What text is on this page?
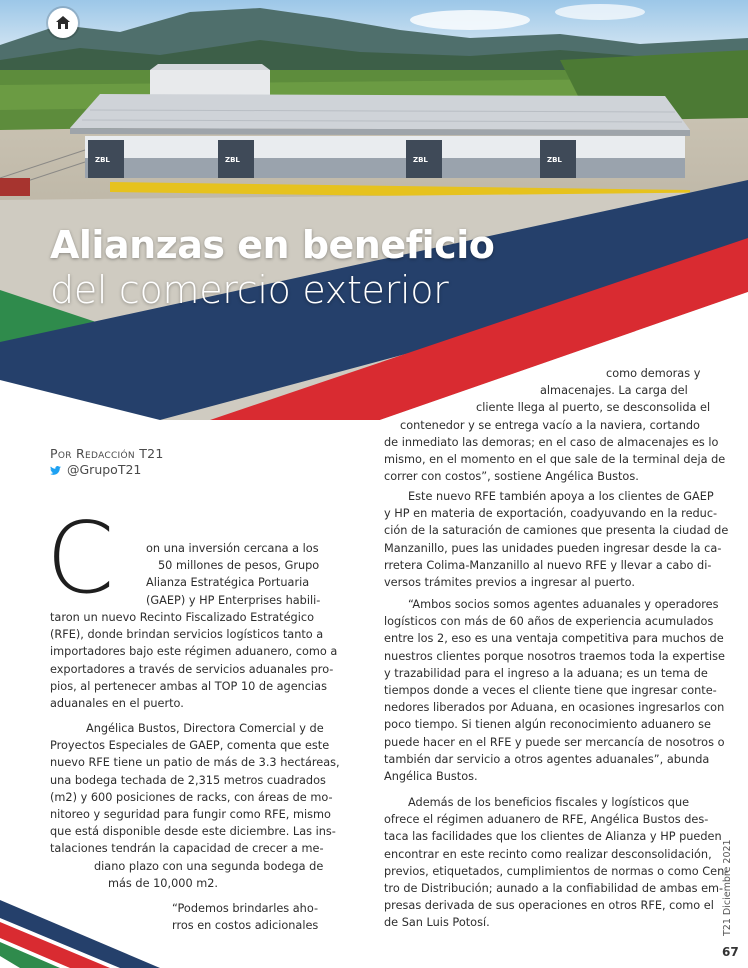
ZBL	ZBL	ZBL	ZBL
Alianzas en beneficio
del comercio exterior
Por Redacción T21
@GrupoT21
C	on una inversión cercana a los
50 millones de pesos, Grupo
Alianza Estratégica Portuaria
(GAEP) y HP Enterprises habili-
taron un nuevo Recinto Fiscalizado Estratégico
(RFE), donde brindan servicios logísticos tanto a
importadores bajo este régimen aduanero, como a
exportadores a través de servicios aduanales pro-
pios, al pertenecer ambas al TOP 10 de agencias
aduanales en el puerto.
Angélica Bustos, Directora Comercial y de
Proyectos Especiales de GAEP, comenta que este
nuevo RFE tiene un patio de más de 3.3 hectáreas,
una bodega techada de 2,315 metros cuadrados
(m2) y 600 posiciones de racks, con áreas de mo-
nitoreo y seguridad para fungir como RFE, mismo
que está disponible desde este diciembre. Las ins-
talaciones tendrán la capacidad de crecer a me-
diano plazo con una segunda bodega de
más de 10,000 m2.
“Podemos brindarles aho-
rros en costos adicionales
como demoras y
almacenajes. La carga del
cliente llega al puerto, se desconsolida el
contenedor y se entrega vacío a la naviera, cortando
de inmediato las demoras; en el caso de almacenajes es lo
mismo, en el momento en el que sale de la terminal deja de
correr con costos”, sostiene Angélica Bustos.
Este nuevo RFE también apoya a los clientes de GAEP
y HP en materia de exportación, coadyuvando en la reduc-
ción de la saturación de camiones que presenta la ciudad de
Manzanillo, pues las unidades pueden ingresar desde la ca-
rretera Colima-Manzanillo al nuevo RFE y llevar a cabo di-
versos trámites previos a ingresar al puerto.
“Ambos socios somos agentes aduanales y operadores
logísticos con más de 60 años de experiencia acumulados
entre los 2, eso es una ventaja competitiva para muchos de
nuestros clientes porque nosotros traemos toda la expertise
y trazabilidad para el ingreso a la aduana; es un tema de
tiempos donde a veces el cliente tiene que ingresar conte-
nedores liberados por Aduana, en ocasiones ingresarlos con
poco tiempo. Si tienen algún reconocimiento aduanero se
puede hacer en el RFE y puede ser mercancía de nosotros o
también dar servicio a otros agentes aduanales”, abunda
Angélica Bustos.
Además de los beneficios fiscales y logísticos que
ofrece el régimen aduanero de RFE, Angélica Bustos des-
taca las facilidades que los clientes de Alianza y HP pueden
encontrar en este recinto como realizar desconsolidación,
previos, etiquetados, cumplimientos de normas o como Cen-
tro de Distribución; aunado a la confiabilidad de ambas em-
presas derivada de sus operaciones en otros RFE, como el
de San Luis Potosí.	T21 Diciembre 2021
67
